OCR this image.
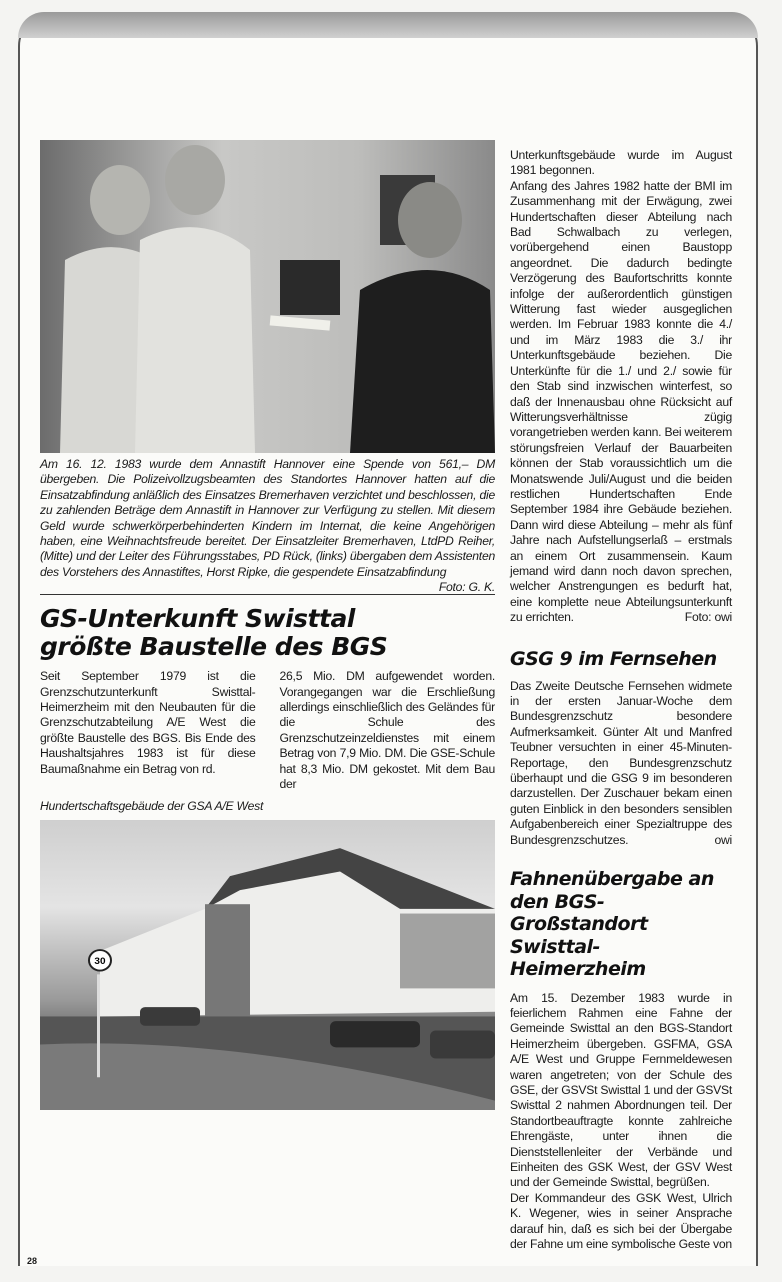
Am 16. 12. 1983 wurde dem Annastift Hannover eine Spende von 561,– DM übergeben. Die Polizeivollzugsbeamten des Standortes Hannover hatten auf die Einsatzabfindung anläßlich des Einsatzes Bremerhaven verzichtet und beschlossen, die zu zahlenden Beträge dem Annastift in Hannover zur Verfügung zu stellen. Mit diesem Geld wurde schwerkörperbehinderten Kindern im Internat, die keine Angehörigen haben, eine Weihnachtsfreude bereitet. Der Einsatzleiter Bremerhaven, LtdPD Reiher, (Mitte) und der Leiter des Führungsstabes, PD Rück, (links) übergaben dem Assistenten des Vorstehers des Annastiftes, Horst Ripke, die gespendete Einsatzabfindung
Foto: G. K.
GS-Unterkunft Swisttal
größte Baustelle des BGS
Seit September 1979 ist die Grenzschutzunterkunft Swisttal-Heimerzheim mit den Neubauten für die Grenzschutzabteilung A/E West die größte Baustelle des BGS. Bis Ende des Haushaltsjahres 1983 ist für diese Baumaßnahme ein Betrag von rd.
26,5 Mio. DM aufgewendet worden. Vorangegangen war die Erschließung allerdings einschließlich des Geländes für die Schule des Grenzschutzeinzeldienstes mit einem Betrag von 7,9 Mio. DM. Die GSE-Schule hat 8,3 Mio. DM gekostet. Mit dem Bau der
Hundertschaftsgebäude der GSA A/E West
30
Unterkunftsgebäude wurde im August 1981 begonnen.
Anfang des Jahres 1982 hatte der BMI im Zusammenhang mit der Erwägung, zwei Hundertschaften dieser Abteilung nach Bad Schwalbach zu verlegen, vorübergehend einen Baustopp angeordnet. Die dadurch bedingte Verzögerung des Baufortschritts konnte infolge der außerordentlich günstigen Witterung fast wieder ausgeglichen werden. Im Februar 1983 konnte die 4./ und im März 1983 die 3./ ihr Unterkunftsgebäude beziehen. Die Unterkünfte für die 1./ und 2./ sowie für den Stab sind inzwischen winterfest, so daß der Innenausbau ohne Rücksicht auf Witterungsverhältnisse zügig vorangetrieben werden kann. Bei weiterem störungsfreien Verlauf der Bauarbeiten können der Stab voraussichtlich um die Monatswende Juli/August und die beiden restlichen Hundertschaften Ende September 1984 ihre Gebäude beziehen. Dann wird diese Abteilung – mehr als fünf Jahre nach Aufstellungserlaß – erstmals an einem Ort zusammensein. Kaum jemand wird dann noch davon sprechen, welcher Anstrengungen es bedurft hat, eine komplette neue Abteilungsunterkunft zu errichten.	Foto: owi
GSG 9 im Fernsehen
Das Zweite Deutsche Fernsehen widmete in der ersten Januar-Woche dem Bundesgrenzschutz besondere Aufmerksamkeit. Günter Alt und Manfred Teubner versuchten in einer 45-Minuten-Reportage, den Bundesgrenzschutz überhaupt und die GSG 9 im besonderen darzustellen. Der Zuschauer bekam einen guten Einblick in den besonders sensiblen Aufgabenbereich einer Spezialtruppe des Bundesgrenzschutzes.	owi
Fahnenübergabe an
den BGS-Großstandort
Swisttal-Heimerzheim
Am 15. Dezember 1983 wurde in feierlichem Rahmen eine Fahne der Gemeinde Swisttal an den BGS-Standort Heimerzheim übergeben. GSFMA, GSA A/E West und Gruppe Fernmeldewesen waren angetreten; von der Schule des GSE, der GSVSt Swisttal 1 und der GSVSt Swisttal 2 nahmen Abordnungen teil. Der Standortbeauftragte konnte zahlreiche Ehrengäste, unter ihnen die Dienststellenleiter der Verbände und Einheiten des GSK West, der GSV West und der Gemeinde Swisttal, begrüßen.
Der Kommandeur des GSK West, Ulrich K. Wegener, wies in seiner Ansprache darauf hin, daß es sich bei der Übergabe der Fahne um eine symbolische Geste von
28
